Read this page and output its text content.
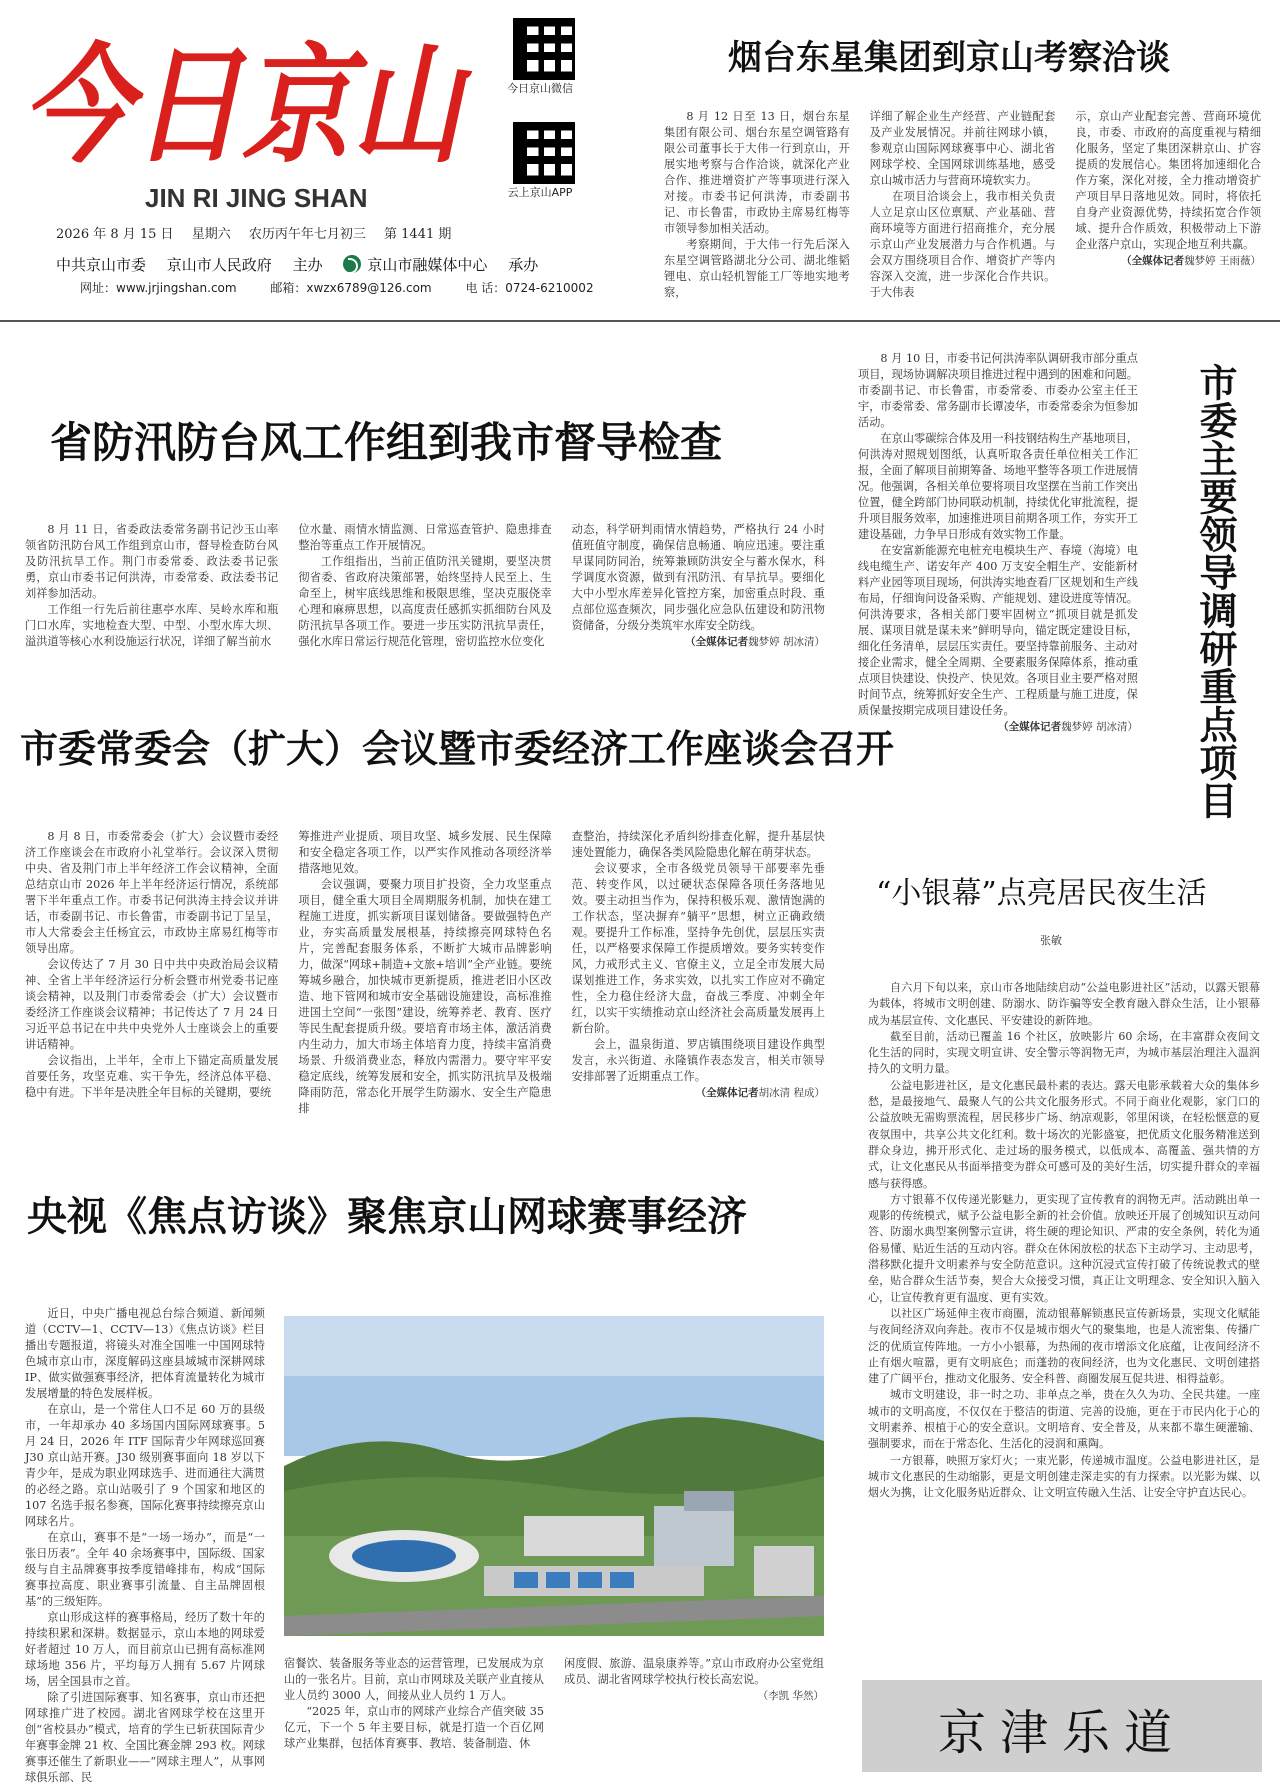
今日京山
JIN RI JING SHAN
2026 年 8 月 15 日 星期六 农历丙午年七月初三 第 1441 期
中共京山市委 京山市人民政府 主办	京山市融媒体中心 承办
网址：www.jrjingshan.com	邮箱：xwzx6789@126.com	电 话：0724-6210002
今日京山微信
云上京山APP
烟台东星集团到京山考察洽谈

8 月 12 日至 13 日，烟台东星集团有限公司、烟台东星空调管路有限公司董事长于大伟一行到京山，开展实地考察与合作洽谈，就深化产业合作、推进增资扩产等事项进行深入对接。市委书记何洪涛，市委副书记、市长鲁雷，市政协主席易红梅等市领导参加相关活动。

考察期间，于大伟一行先后深入东星空调管路湖北分公司、湖北维韬锂电、京山轻机智能工厂等地实地考察，

详细了解企业生产经营、产业链配套及产业发展情况。并前往网球小镇，参观京山国际网球赛事中心、湖北省网球学校、全国网球训练基地，感受京山城市活力与营商环境软实力。

在项目洽谈会上，我市相关负责人立足京山区位禀赋、产业基础、营商环境等方面进行招商推介，充分展示京山产业发展潜力与合作机遇。与会双方围绕项目合作、增资扩产等内容深入交流，进一步深化合作共识。于大伟表

示，京山产业配套完善、营商环境优良，市委、市政府的高度重视与精细化服务，坚定了集团深耕京山、扩容提质的发展信心。集团将加速细化合作方案，深化对接，全力推动增资扩产项目早日落地见效。同时，将依托自身产业资源优势，持续拓宽合作领域、提升合作质效，积极带动上下游企业落户京山，实现企地互利共赢。

（全媒体记者魏梦婷 王雨薇）
省防汛防台风工作组到我市督导检查

8 月 11 日，省委政法委常务副书记沙玉山率领省防汛防台风工作组到京山市，督导检查防台风及防汛抗旱工作。荆门市委常委、政法委书记张勇，京山市委书记何洪涛，市委常委、政法委书记刘祥参加活动。

工作组一行先后前往惠亭水库、吴岭水库和瓶门口水库，实地检查大型、中型、小型水库大坝、溢洪道等核心水利设施运行状况，详细了解当前水

位水量、雨情水情监测、日常巡查管护、隐患排查整治等重点工作开展情况。

工作组指出，当前正值防汛关键期，要坚决贯彻省委、省政府决策部署，始终坚持人民至上、生命至上，树牢底线思维和极限思维，坚决克服侥幸心理和麻痹思想，以高度责任感抓实抓细防台风及防汛抗旱各项工作。要进一步压实防汛抗旱责任，强化水库日常运行规范化管理，密切监控水位变化

动态，科学研判雨情水情趋势，严格执行 24 小时值班值守制度，确保信息畅通、响应迅速。要注重早谋同防同治，统筹兼顾防洪安全与蓄水保水，科学调度水资源，做到有汛防汛、有旱抗旱。要细化大中小型水库差异化管控方案，加密重点时段、重点部位巡查频次，同步强化应急队伍建设和防汛物资储备，分级分类筑牢水库安全防线。

（全媒体记者魏梦婷 胡冰清）
市委常委会（扩大）会议暨市委经济工作座谈会召开

8 月 8 日，市委常委会（扩大）会议暨市委经济工作座谈会在市政府小礼堂举行。会议深入贯彻中央、省及荆门市上半年经济工作会议精神，全面总结京山市 2026 年上半年经济运行情况，系统部署下半年重点工作。市委书记何洪涛主持会议并讲话，市委副书记、市长鲁雷，市委副书记丁呈呈，市人大常委会主任杨宜云，市政协主席易红梅等市领导出席。

会议传达了 7 月 30 日中共中央政治局会议精神、全省上半年经济运行分析会暨市州党委书记座谈会精神，以及荆门市委常委会（扩大）会议暨市委经济工作座谈会议精神；书记传达了 7 月 24 日习近平总书记在中共中央党外人士座谈会上的重要讲话精神。

会议指出，上半年，全市上下锚定高质量发展首要任务，攻坚克难、实干争先，经济总体平稳、稳中有进。下半年是决胜全年目标的关键期，要统

筹推进产业提质、项目攻坚、城乡发展、民生保障和安全稳定各项工作，以严实作风推动各项经济举措落地见效。

会议强调，要聚力项目扩投资，全力攻坚重点项目，健全重大项目全周期服务机制，加快在建工程施工进度，抓实新项目谋划储备。要做强特色产业，夯实高质量发展根基，持续擦亮网球特色名片，完善配套服务体系，不断扩大城市品牌影响力，做深“网球+制造+文旅+培训”全产业链。要统筹城乡融合，加快城市更新提质，推进老旧小区改造、地下管网和城市安全基础设施建设，高标准推进国土空间“一张图”建设，统筹养老、教育、医疗等民生配套提质升级。要培育市场主体，激活消费内生动力，加大市场主体培育力度，持续丰富消费场景、升级消费业态，释放内需潜力。要守牢平安稳定底线，统筹发展和安全，抓实防汛抗旱及极端降雨防范，常态化开展学生防溺水、安全生产隐患排

查整治，持续深化矛盾纠纷排查化解，提升基层快速处置能力，确保各类风险隐患化解在萌芽状态。

会议要求，全市各级党员领导干部要率先垂范、转变作风，以过硬状态保障各项任务落地见效。要主动担当作为，保持积极乐观、激情饱满的工作状态，坚决摒弃“躺平”思想，树立正确政绩观。要提升工作标准，坚持争先创优，层层压实责任，以严格要求保障工作提质增效。要务实转变作风，力戒形式主义、官僚主义，立足全市发展大局谋划推进工作，务求实效，以扎实工作应对不确定性，全力稳住经济大盘，奋战三季度、冲刺全年红，以实干实绩推动京山经济社会高质量发展再上新台阶。

会上，温泉街道、罗店镇围绕项目建设作典型发言，永兴街道、永隆镇作表态发言，相关市领导安排部署了近期重点工作。

（全媒体记者胡冰清 程成）

8 月 10 日，市委书记何洪涛率队调研我市部分重点项目，现场协调解决项目推进过程中遇到的困难和问题。市委副书记、市长鲁雷，市委常委、市委办公室主任王宇，市委常委、常务副市长谭凌华，市委常委余为恒参加活动。

在京山零碳综合体及用一科技钢结构生产基地项目，何洪涛对照规划图纸，认真听取各责任单位相关工作汇报，全面了解项目前期筹备、场地平整等各项工作进展情况。他强调，各相关单位要将项目攻坚摆在当前工作突出位置，健全跨部门协同联动机制，持续优化审批流程，提升项目服务效率，加速推进项目前期各项工作，夯实开工建设基础，力争早日形成有效实物工作量。

在安富新能源充电桩充电模块生产、春境（海境）电线电缆生产、诺安年产 400 万支安全帽生产、安能新材料产业园等项目现场，何洪涛实地查看厂区规划和生产线布局，仔细询问设备采购、产能规划、建设进度等情况。何洪涛要求，各相关部门要牢固树立“抓项目就是抓发展、谋项目就是谋未来”鲜明导向，锚定既定建设目标，细化任务清单，层层压实责任。要坚持靠前服务、主动对接企业需求，健全全周期、全要素服务保障体系，推动重点项目快建设、快投产、快见效。各项目业主要严格对照时间节点，统筹抓好安全生产、工程质量与施工进度，保质保量按期完成项目建设任务。

（全媒体记者魏梦婷 胡冰清） 市委主要领导调研重点项目
央视《焦点访谈》聚焦京山网球赛事经济

近日，中央广播电视总台综合频道、新闻频道（CCTV—1、CCTV—13）《焦点访谈》栏目播出专题报道，将镜头对准全国唯一中国网球特色城市京山市，深度解码这座县域城市深耕网球 IP、做实做强赛事经济，把体育流量转化为城市发展增量的特色发展样板。

在京山，是一个常住人口不足 60 万的县级市，一年却承办 40 多场国内国际网球赛事。5 月 24 日，2026 年 ITF 国际青少年网球巡回赛 J30 京山站开赛。J30 级别赛事面向 18 岁以下青少年，是成为职业网球选手、进而通往大满贯的必经之路。京山站吸引了 9 个国家和地区的 107 名选手报名参赛，国际化赛事持续擦亮京山网球名片。

在京山，赛事不是“一场一场办”，而是“一张日历表”。全年 40 余场赛事中，国际级、国家级与自主品牌赛事按季度错峰排布，构成“国际赛事拉高度、职业赛事引流量、自主品牌固根基”的三级矩阵。

京山形成这样的赛事格局，经历了数十年的持续积累和深耕。数据显示，京山本地的网球爱好者超过 10 万人，而目前京山已拥有高标准网球场地 356 片，平均每万人拥有 5.67 片网球场，居全国县市之首。

除了引进国际赛事、知名赛事，京山市还把网球推广进了校园。湖北省网球学校在这里开创“省校县办”模式，培育的学生已斩获国际青少年赛事金牌 21 枚、全国比赛金牌 293 枚。网球赛事还催生了新职业——“网球主理人”，从事网球俱乐部、民

宿餐饮、装备服务等业态的运营管理，已发展成为京山的一张名片。目前，京山市网球及关联产业直接从业人员约 3000 人，间接从业人员约 1 万人。

“2025 年，京山市的网球产业综合产值突破 35 亿元，下一个 5 年主要目标，就是打造一个百亿网球产业集群，包括体育赛事、教培、装备制造、休

闲度假、旅游、温泉康养等。”京山市政府办公室党组成员、湖北省网球学校执行校长高宏说。

（李凯 华然）
“小银幕”点亮居民夜生活
张敏

自六月下旬以来，京山市各地陆续启动“公益电影进社区”活动，以露天银幕为载体，将城市文明创建、防溺水、防诈骗等安全教育融入群众生活，让小银幕成为基层宣传、文化惠民、平安建设的新阵地。

截至目前，活动已覆盖 16 个社区，放映影片 60 余场，在丰富群众夜间文化生活的同时，实现文明宣讲、安全警示等润物无声，为城市基层治理注入温润持久的文明力量。

公益电影进社区，是文化惠民最朴素的表达。露天电影承载着大众的集体乡愁，是最接地气、最聚人气的公共文化服务形式。不同于商业化观影，家门口的公益放映无需购票流程，居民移步广场、纳凉观影，邻里闲谈，在轻松惬意的夏夜氛围中，共享公共文化红利。数十场次的光影盛宴，把优质文化服务精准送到群众身边，拂开形式化、走过场的服务模式，以低成本、高覆盖、强共情的方式，让文化惠民从书面举措变为群众可感可及的美好生活，切实提升群众的幸福感与获得感。

方寸银幕不仅传递光影魅力，更实现了宣传教育的润物无声。活动跳出单一观影的传统模式，赋予公益电影全新的社会价值。放映还开展了创城知识互动问答、防溺水典型案例警示宣讲，将生硬的理论知识、严肃的安全条例，转化为通俗易懂、贴近生活的互动内容。群众在休闲放松的状态下主动学习、主动思考，潜移默化提升文明素养与安全防范意识。这种沉浸式宣传打破了传统说教式的壁垒，贴合群众生活节奏，契合大众接受习惯，真正让文明理念、安全知识入脑入心，让宣传教育更有温度、更有实效。

以社区广场延伸主夜市商圈，流动银幕解锁惠民宣传新场景，实现文化赋能与夜间经济双向奔赴。夜市不仅是城市烟火气的聚集地，也是人流密集、传播广泛的优质宣传阵地。一方小小银幕，为热闹的夜市增添文化底蕴，让夜间经济不止有烟火喧嚣，更有文明底色；而蓬勃的夜间经济，也为文化惠民、文明创建搭建了广阔平台，推动文化服务、安全科普、商圈发展互促共进、相得益彰。

城市文明建设，非一时之功、非单点之举，贵在久久为功、全民共建。一座城市的文明高度，不仅仅在于整洁的街道、完善的设施，更在于市民内化于心的文明素养、根植于心的安全意识。文明培育、安全普及，从来都不靠生硬灌输、强制要求，而在于常态化、生活化的浸润和熏陶。

一方银幕，映照万家灯火；一束光影，传递城市温度。公益电影进社区，是城市文化惠民的生动缩影，更是文明创建走深走实的有力探索。以光影为媒、以烟火为携，让文化服务贴近群众、让文明宣传融入生活、让安全守护直达民心。

京津乐道
